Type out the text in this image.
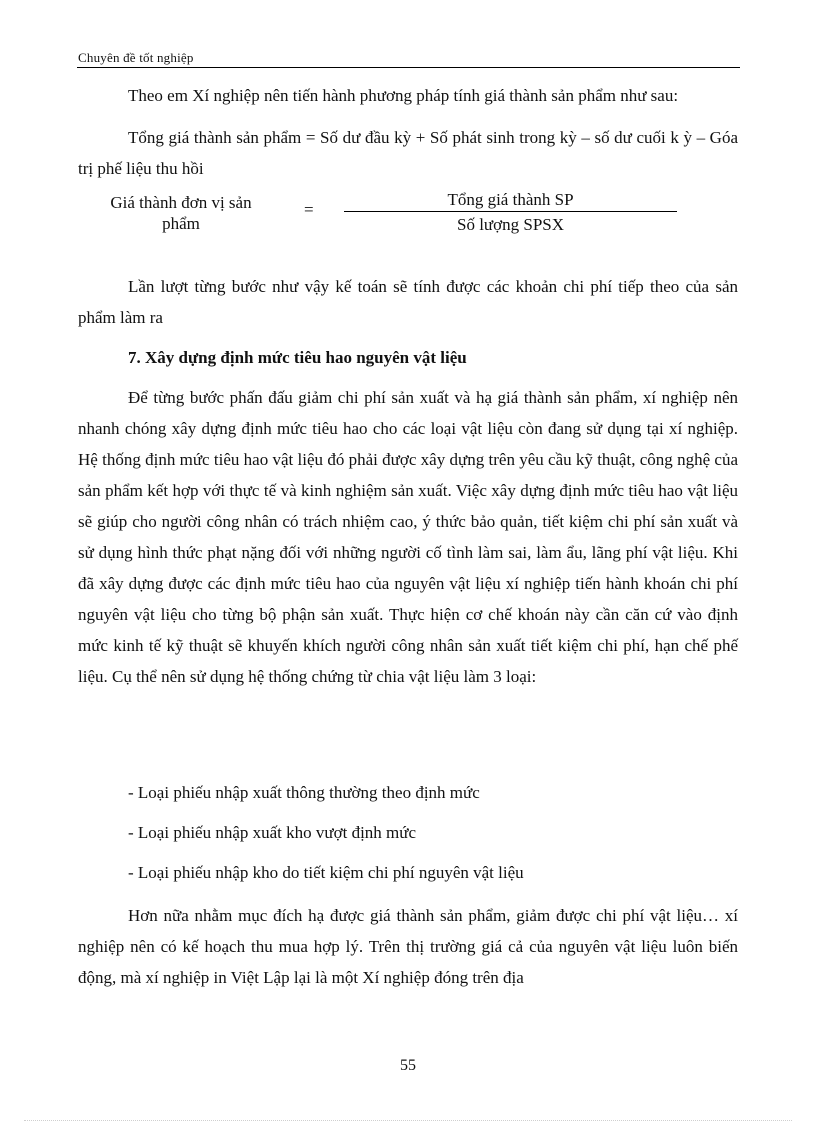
Chuyên đề tốt nghiệp
Theo em Xí nghiệp nên tiến hành phương pháp tính giá thành sản phẩm như sau:
Tổng giá thành sản phẩm = Số dư đầu kỳ + Số phát sinh trong kỳ – số dư cuối k ỳ – Góa trị phế liệu thu hồi
Giá thành đơn vị sản phẩm
=
Tổng giá thành SP
Số lượng SPSX
Lần lượt từng bước như vậy kế toán sẽ tính được các khoản chi phí tiếp theo của sản phẩm làm ra
7. Xây dựng định mức tiêu hao nguyên vật liệu
Để từng bước phấn đấu giảm chi phí sản xuất và hạ giá thành sản phẩm, xí nghiệp nên nhanh chóng xây dựng định mức tiêu hao cho các loại vật liệu còn đang sử dụng tại xí nghiệp. Hệ thống định mức tiêu hao vật liệu đó phải được xây dựng trên yêu cầu kỹ thuật, công nghệ của sản phẩm kết hợp với thực tế và kinh nghiệm sản xuất. Việc xây dựng định mức tiêu hao vật liệu sẽ giúp cho người công nhân có trách nhiệm cao, ý thức bảo quản, tiết kiệm chi phí sản xuất và sử dụng hình thức phạt nặng đối với những người cố tình làm sai, làm ẩu, lãng phí vật liệu. Khi đã xây dựng được các định mức tiêu hao của nguyên vật liệu xí nghiệp tiến hành khoán chi phí nguyên vật liệu cho từng bộ phận sản xuất. Thực hiện cơ chế khoán này cần căn cứ vào định mức kinh tế kỹ thuật sẽ khuyến khích người công nhân sản xuất tiết kiệm chi phí, hạn chế phế liệu. Cụ thể nên sử dụng hệ thống chứng từ chia vật liệu làm 3 loại:
- Loại phiếu nhập xuất thông thường theo định mức
- Loại phiếu nhập xuất kho vượt định mức
- Loại phiếu nhập kho do tiết kiệm chi phí nguyên vật liệu
Hơn nữa nhằm mục đích hạ được giá thành sản phẩm, giảm được chi phí vật liệu… xí nghiệp nên có kế hoạch thu mua hợp lý. Trên thị trường giá cả của nguyên vật liệu luôn biến động, mà xí nghiệp in Việt Lập lại là một Xí nghiệp đóng trên địa
55
